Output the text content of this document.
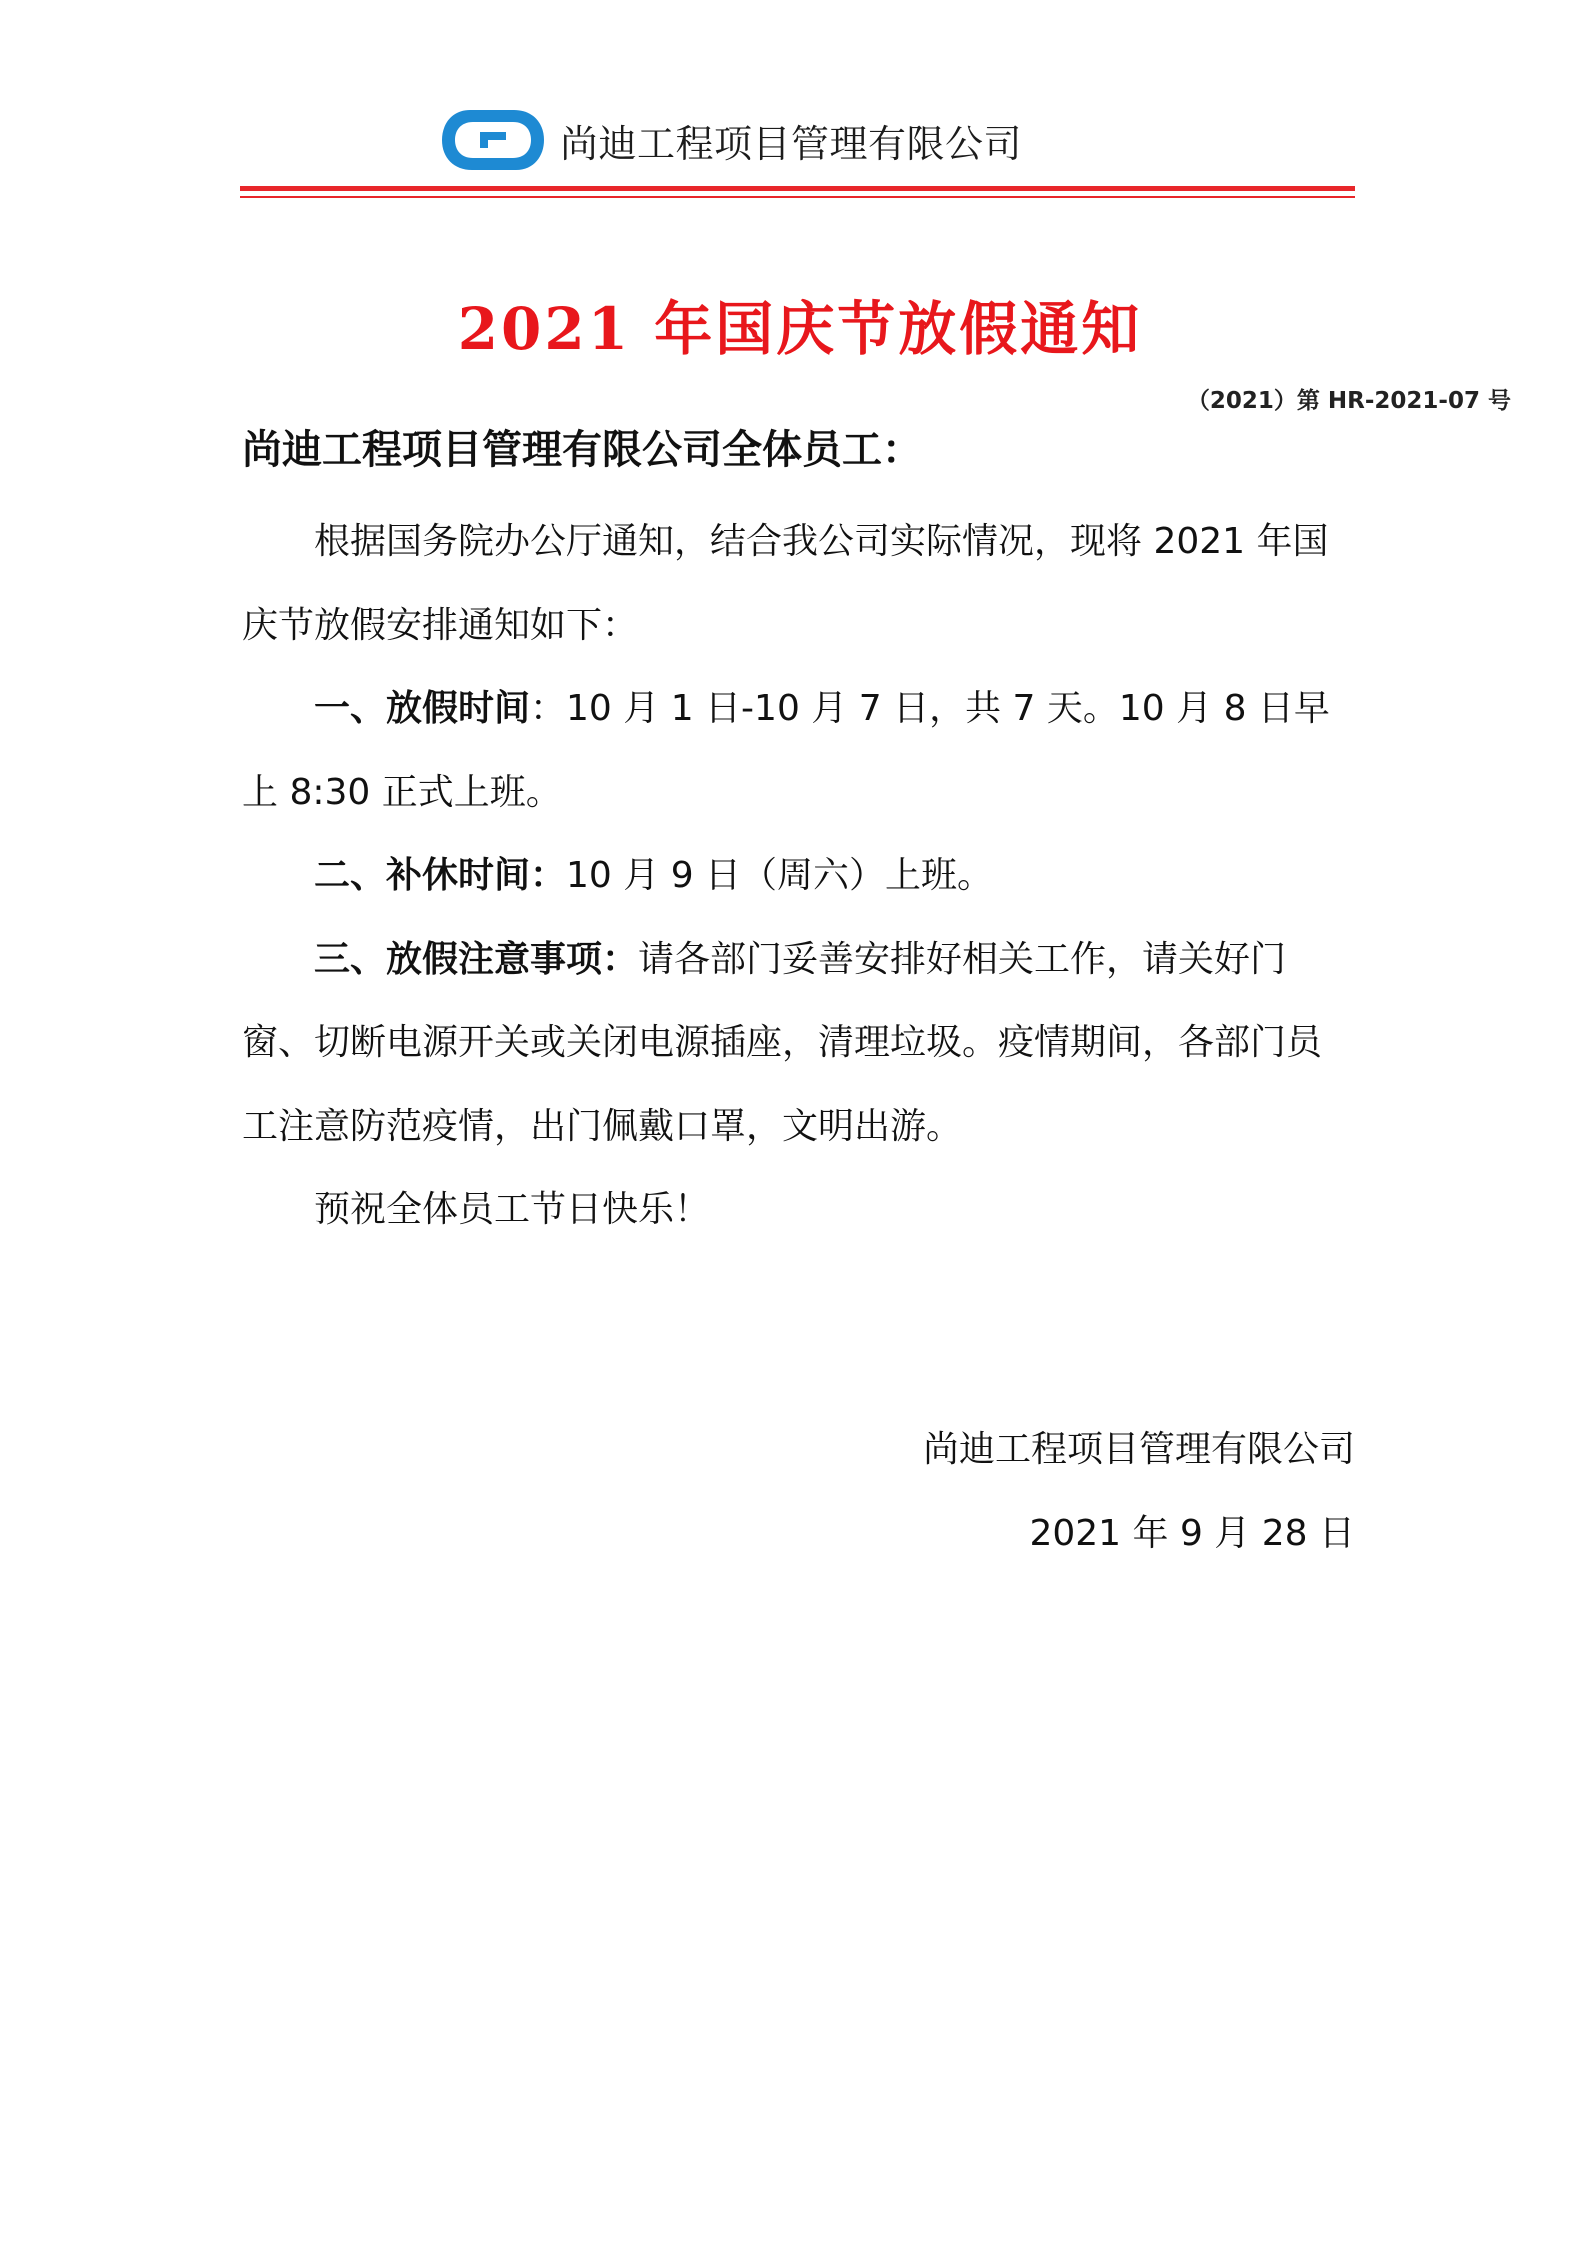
尚迪工程项目管理有限公司
2021 年国庆节放假通知
（2021）第 HR-2021-07 号
尚迪工程项目管理有限公司全体员工：

根据国务院办公厅通知，结合我公司实际情况，现将 2021 年国庆节放假安排通知如下：

一、放假时间：10 月 1 日-10 月 7 日，共 7 天。10 月 8 日早上 8:30 正式上班。

二、补休时间：10 月 9 日（周六）上班。

三、放假注意事项：请各部门妥善安排好相关工作，请关好门窗、切断电源开关或关闭电源插座，清理垃圾。疫情期间，各部门员工注意防范疫情，出门佩戴口罩，文明出游。

预祝全体员工节日快乐！

尚迪工程项目管理有限公司
2021 年 9 月 28 日
